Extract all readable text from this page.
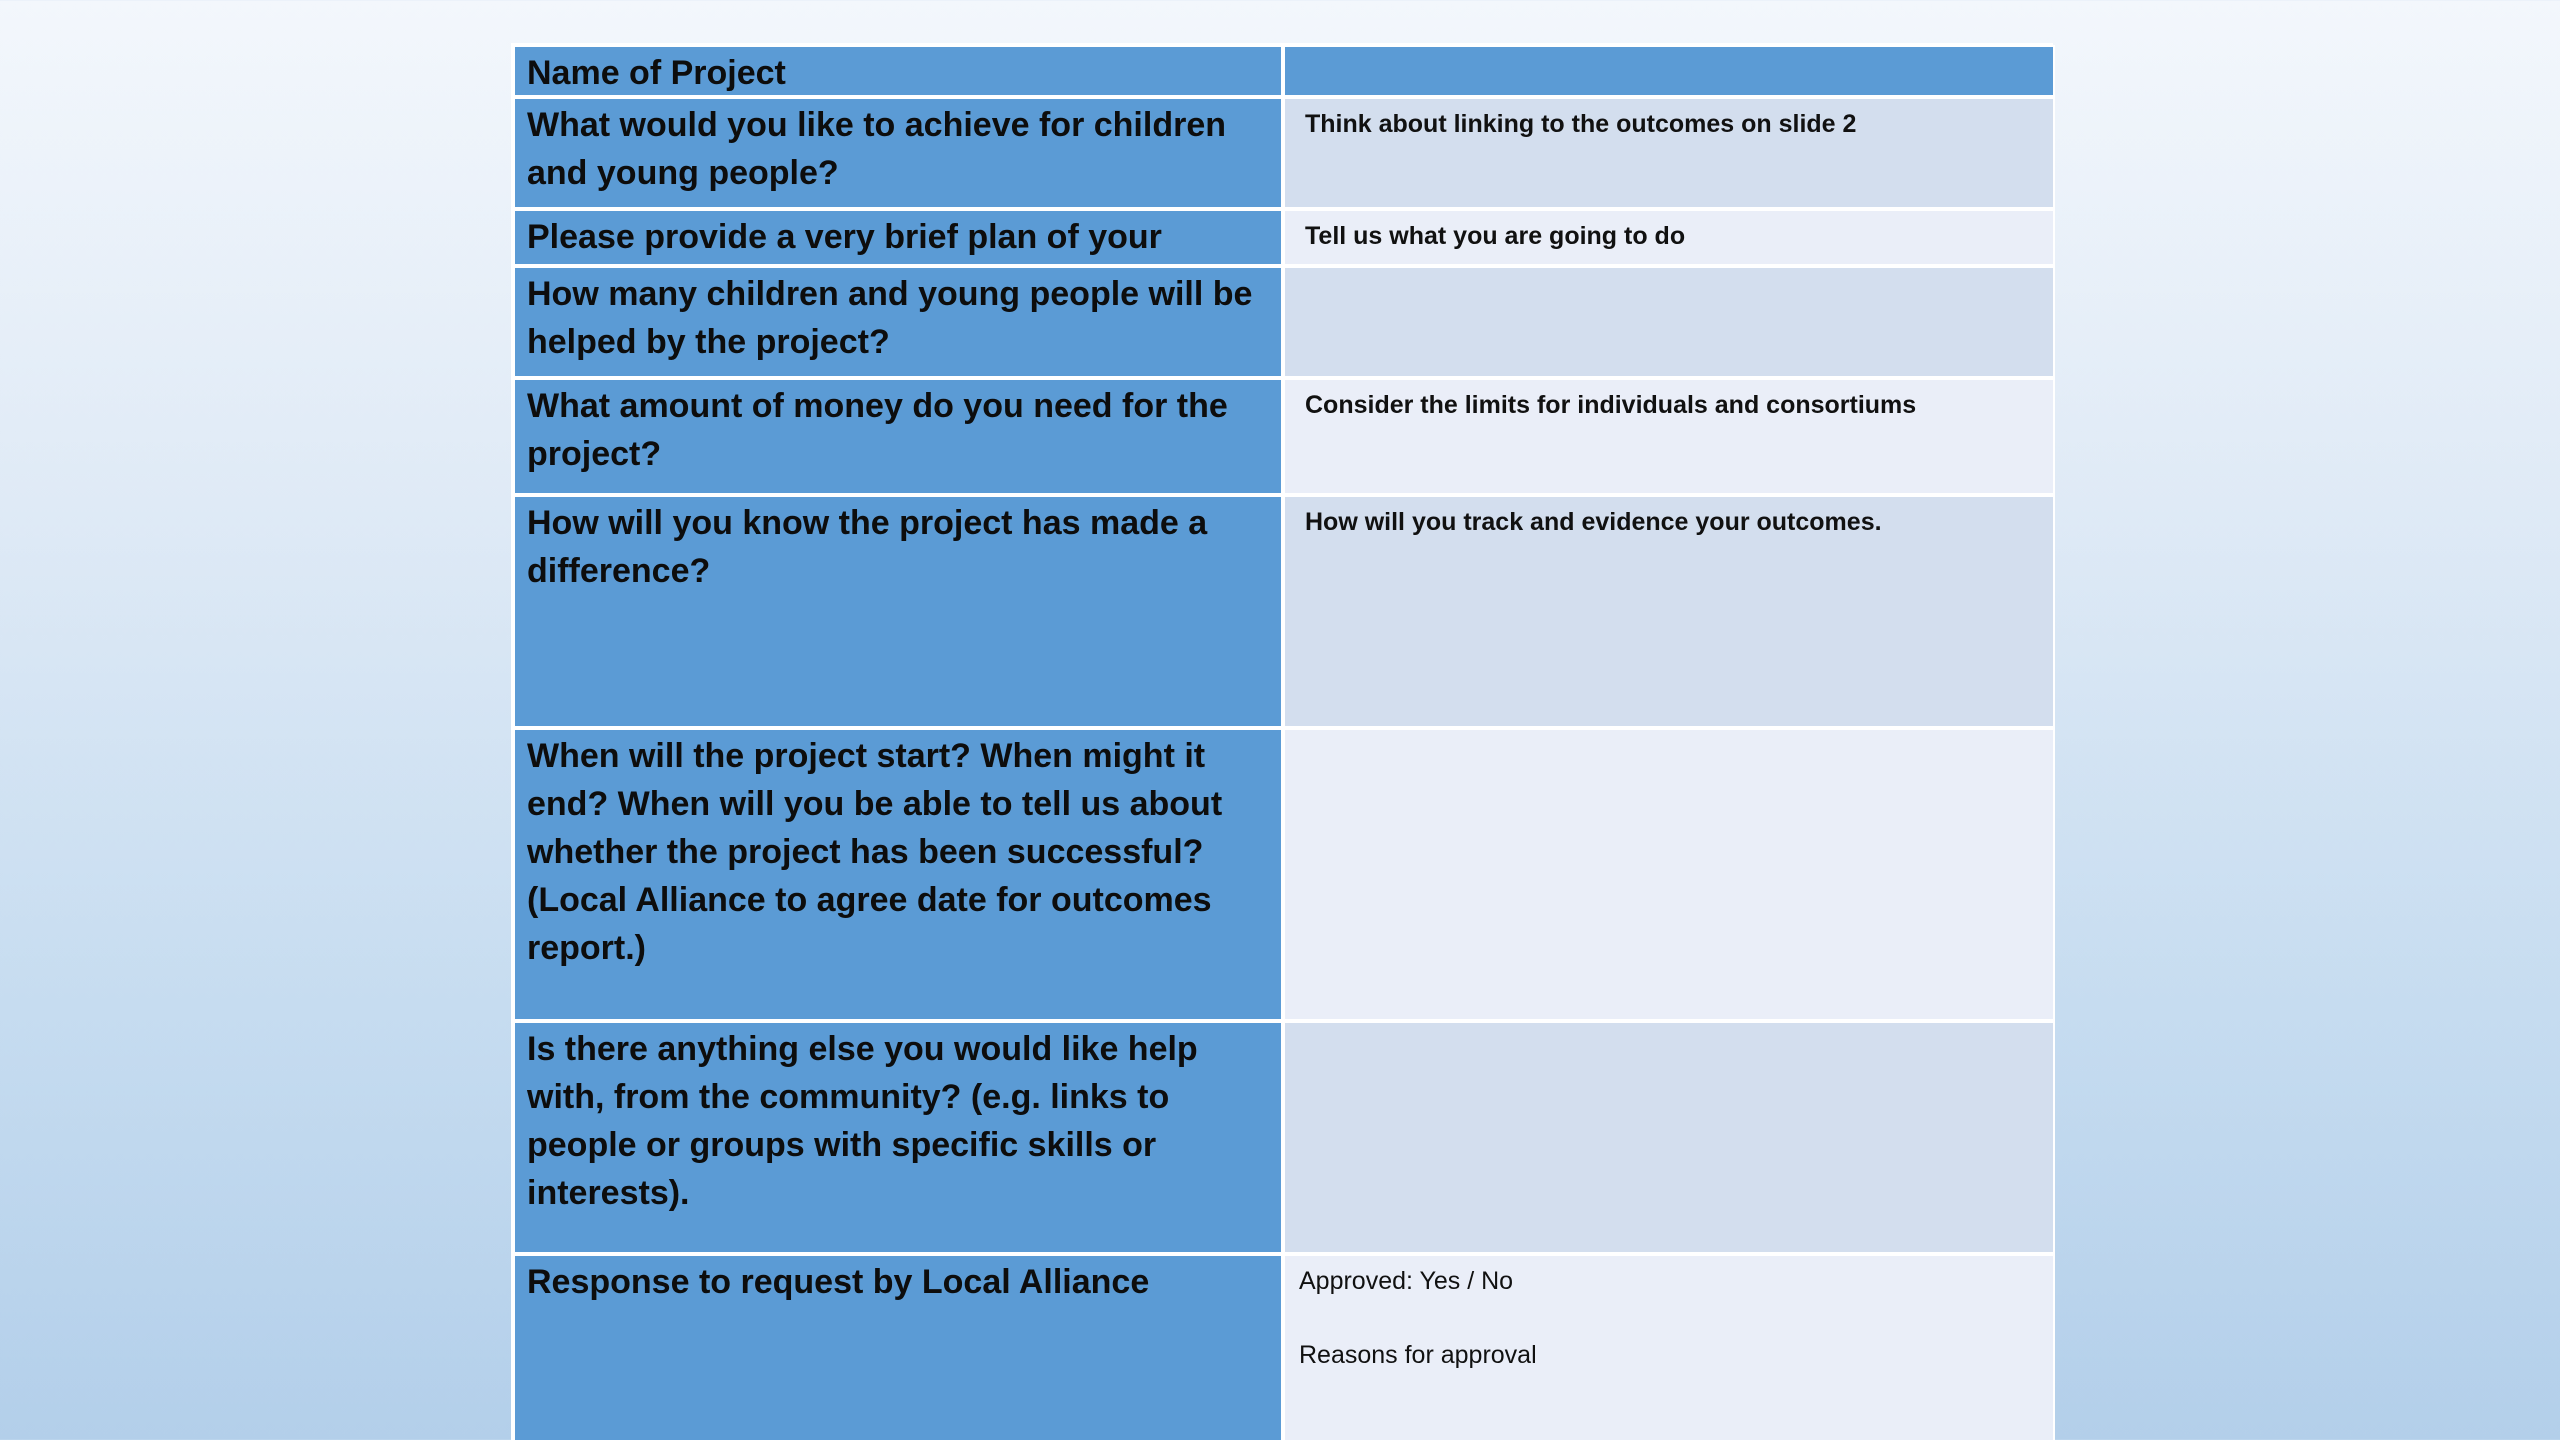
Name of Project
What would you like to achieve for children and young people?
Think about linking to the outcomes on slide 2
Please provide a very brief plan of your	Tell us what you are going to do
How many children and young people will be helped by the project?
What amount of money do you need for the project?
Consider the limits for individuals and consortiums
How will you know the project has made a difference?
How will you track and evidence your outcomes.
When will the project start? When might it end? When will you be able to tell us about whether the project has been successful? (Local Alliance to agree date for outcomes report.)
Is there anything else you would like help with, from the community? (e.g. links to people or groups with specific skills or interests).
Response to request by Local Alliance	Approved: Yes / No
Reasons for approval
